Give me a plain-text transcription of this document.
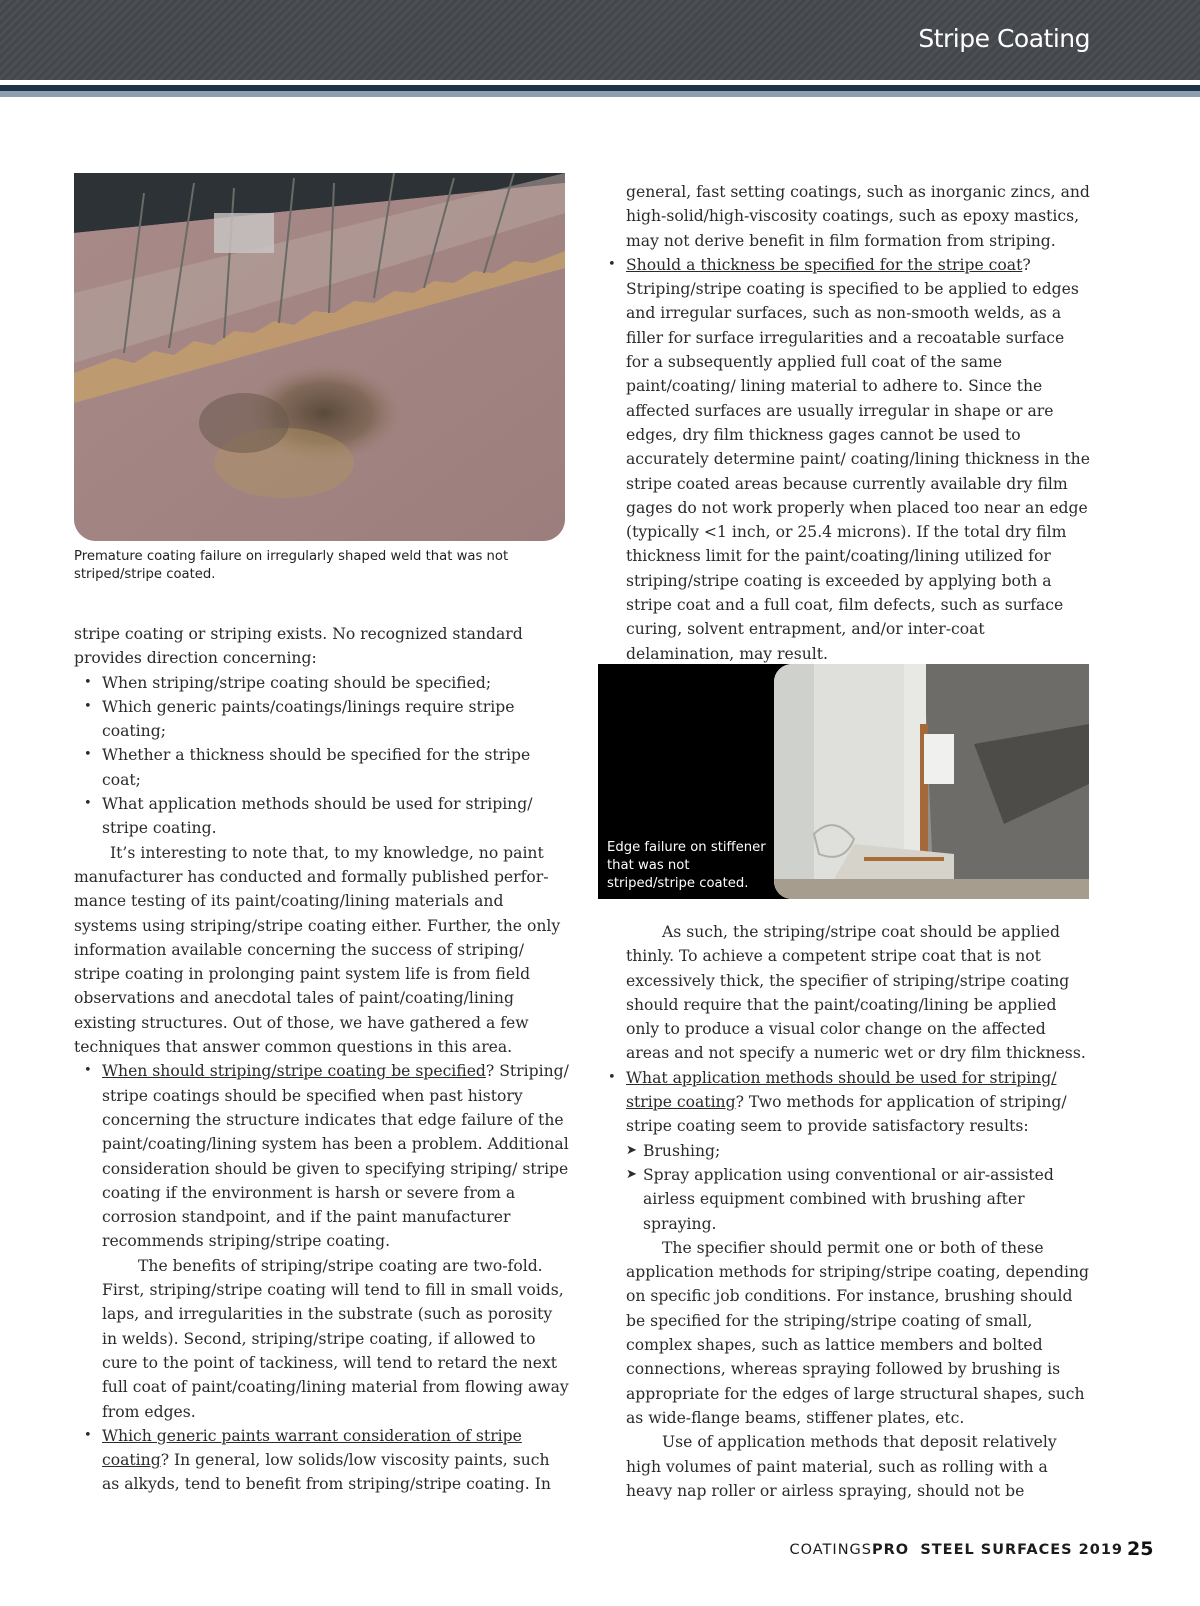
Stripe Coating
Premature coating failure on irregularly shaped weld that was not striped/stripe coated.

stripe coating or striping exists. No recognized standard provides direction concerning:

• When striping/stripe coating should be specified;
• Which generic paints/coatings/linings require stripe coating;
• Whether a thickness should be specified for the stripe coat;
• What application methods should be used for striping/ stripe coating.

It’s interesting to note that, to my knowledge, no paint manufacturer has conducted and formally published performance testing of its paint/coating/lining materials and systems using striping/stripe coating either. Further, the only information available concerning the success of striping/ stripe coating in prolonging paint system life is from field observations and anecdotal tales of paint/coating/lining existing structures. Out of those, we have gathered a few techniques that answer common questions in this area.

• When should striping/stripe coating be specified? Striping/ stripe coatings should be specified when past history concerning the structure indicates that edge failure of the paint/coating/lining system has been a problem. Additional consideration should be given to specifying striping/ stripe coating if the environment is harsh or severe from a corrosion standpoint, and if the paint manufacturer recommends striping/stripe coating.

The benefits of striping/stripe coating are two-fold. First, striping/stripe coating will tend to fill in small voids, laps, and irregularities in the substrate (such as porosity in welds). Second, striping/stripe coating, if allowed to cure to the point of tackiness, will tend to retard the next full coat of paint/coating/lining material from flowing away from edges.

• Which generic paints warrant consideration of stripe coating? In general, low solids/low viscosity paints, such as alkyds, tend to benefit from striping/stripe coating. In

general, fast setting coatings, such as inorganic zincs, and high-solid/high-viscosity coatings, such as epoxy mastics, may not derive benefit in film formation from striping.

• Should a thickness be specified for the stripe coat? Striping/stripe coating is specified to be applied to edges and irregular surfaces, such as non-smooth welds, as a filler for surface irregularities and a recoatable surface for a subsequently applied full coat of the same paint/coating/ lining material to adhere to. Since the affected surfaces are usually irregular in shape or are edges, dry film thickness gages cannot be used to accurately determine paint/ coating/lining thickness in the stripe coated areas because currently available dry film gages do not work properly when placed too near an edge (typically <1 inch, or 25.4 microns). If the total dry film thickness limit for the paint/coating/lining utilized for striping/stripe coating is exceeded by applying both a stripe coat and a full coat, film defects, such as surface curing, solvent entrapment, and/or inter-coat delamination, may result.
Edge failure on stiffener that was not striped/stripe coated.

As such, the striping/stripe coat should be applied thinly. To achieve a competent stripe coat that is not excessively thick, the specifier of striping/stripe coating should require that the paint/coating/lining be applied only to produce a visual color change on the affected areas and not specify a numeric wet or dry film thickness.

• What application methods should be used for striping/ stripe coating? Two methods for application of striping/ stripe coating seem to provide satisfactory results:
➤ Brushing;
➤ Spray application using conventional or air-assisted airless equipment combined with brushing after spraying.

The specifier should permit one or both of these application methods for striping/stripe coating, depending on specific job conditions. For instance, brushing should be specified for the striping/stripe coating of small, complex shapes, such as lattice members and bolted connections, whereas spraying followed by brushing is appropriate for the edges of large structural shapes, such as wide-flange beams, stiffener plates, etc.

Use of application methods that deposit relatively high volumes of paint material, such as rolling with a heavy nap roller or airless spraying, should not be

COATINGSPRO STEEL SURFACES 2019 25
